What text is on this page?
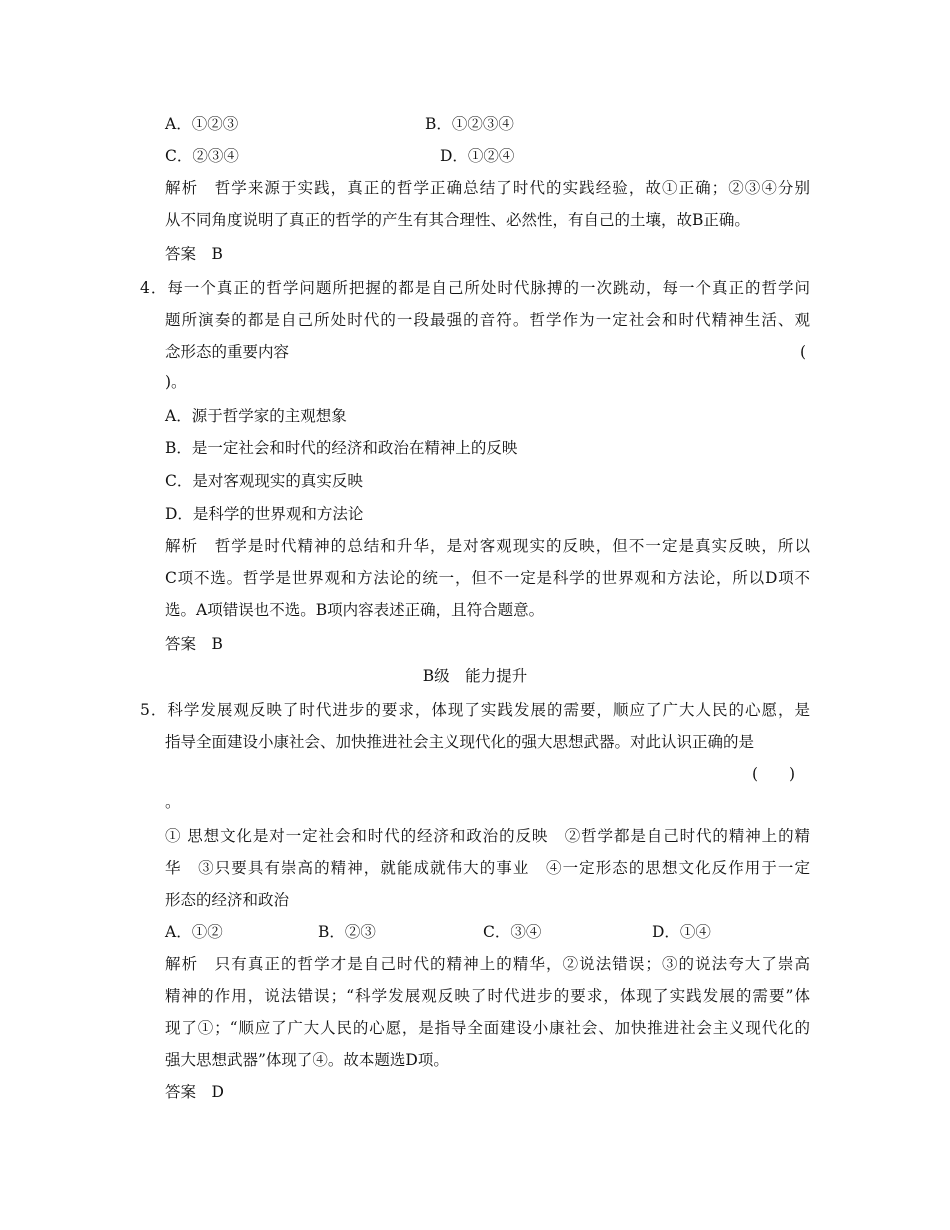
A．①②③	B．①②③④
C．②③④	D．①②④
解析　哲学来源于实践，真正的哲学正确总结了时代的实践经验，故①正确；②③④分别
从不同角度说明了真正的哲学的产生有其合理性、必然性，有自己的土壤，故B正确。
答案　B
4．每一个真正的哲学问题所把握的都是自己所处时代脉搏的一次跳动，每一个真正的哲学问
题所演奏的都是自己所处时代的一段最强的音符。哲学作为一定社会和时代精神生活、观
念形态的重要内容	(
)。
A．源于哲学家的主观想象
B．是一定社会和时代的经济和政治在精神上的反映
C．是对客观现实的真实反映
D．是科学的世界观和方法论
解析　哲学是时代精神的总结和升华，是对客观现实的反映，但不一定是真实反映，所以
C项不选。哲学是世界观和方法论的统一，但不一定是科学的世界观和方法论，所以D项不
选。A项错误也不选。B项内容表述正确，且符合题意。
答案　B
B级　能力提升
5．科学发展观反映了时代进步的要求，体现了实践发展的需要，顺应了广大人民的心愿，是
指导全面建设小康社会、加快推进社会主义现代化的强大思想武器。对此认识正确的是
(　　)
。
① 思想文化是对一定社会和时代的经济和政治的反映　②哲学都是自己时代的精神上的精
华　③只要具有崇高的精神，就能成就伟大的事业　④一定形态的思想文化反作用于一定
形态的经济和政治
A．①②	B．②③	C．③④	D．①④
解析　只有真正的哲学才是自己时代的精神上的精华，②说法错误；③的说法夸大了崇高
精神的作用，说法错误；“科学发展观反映了时代进步的要求，体现了实践发展的需要”体
现了①；“顺应了广大人民的心愿，是指导全面建设小康社会、加快推进社会主义现代化的
强大思想武器”体现了④。故本题选D项。
答案　D
